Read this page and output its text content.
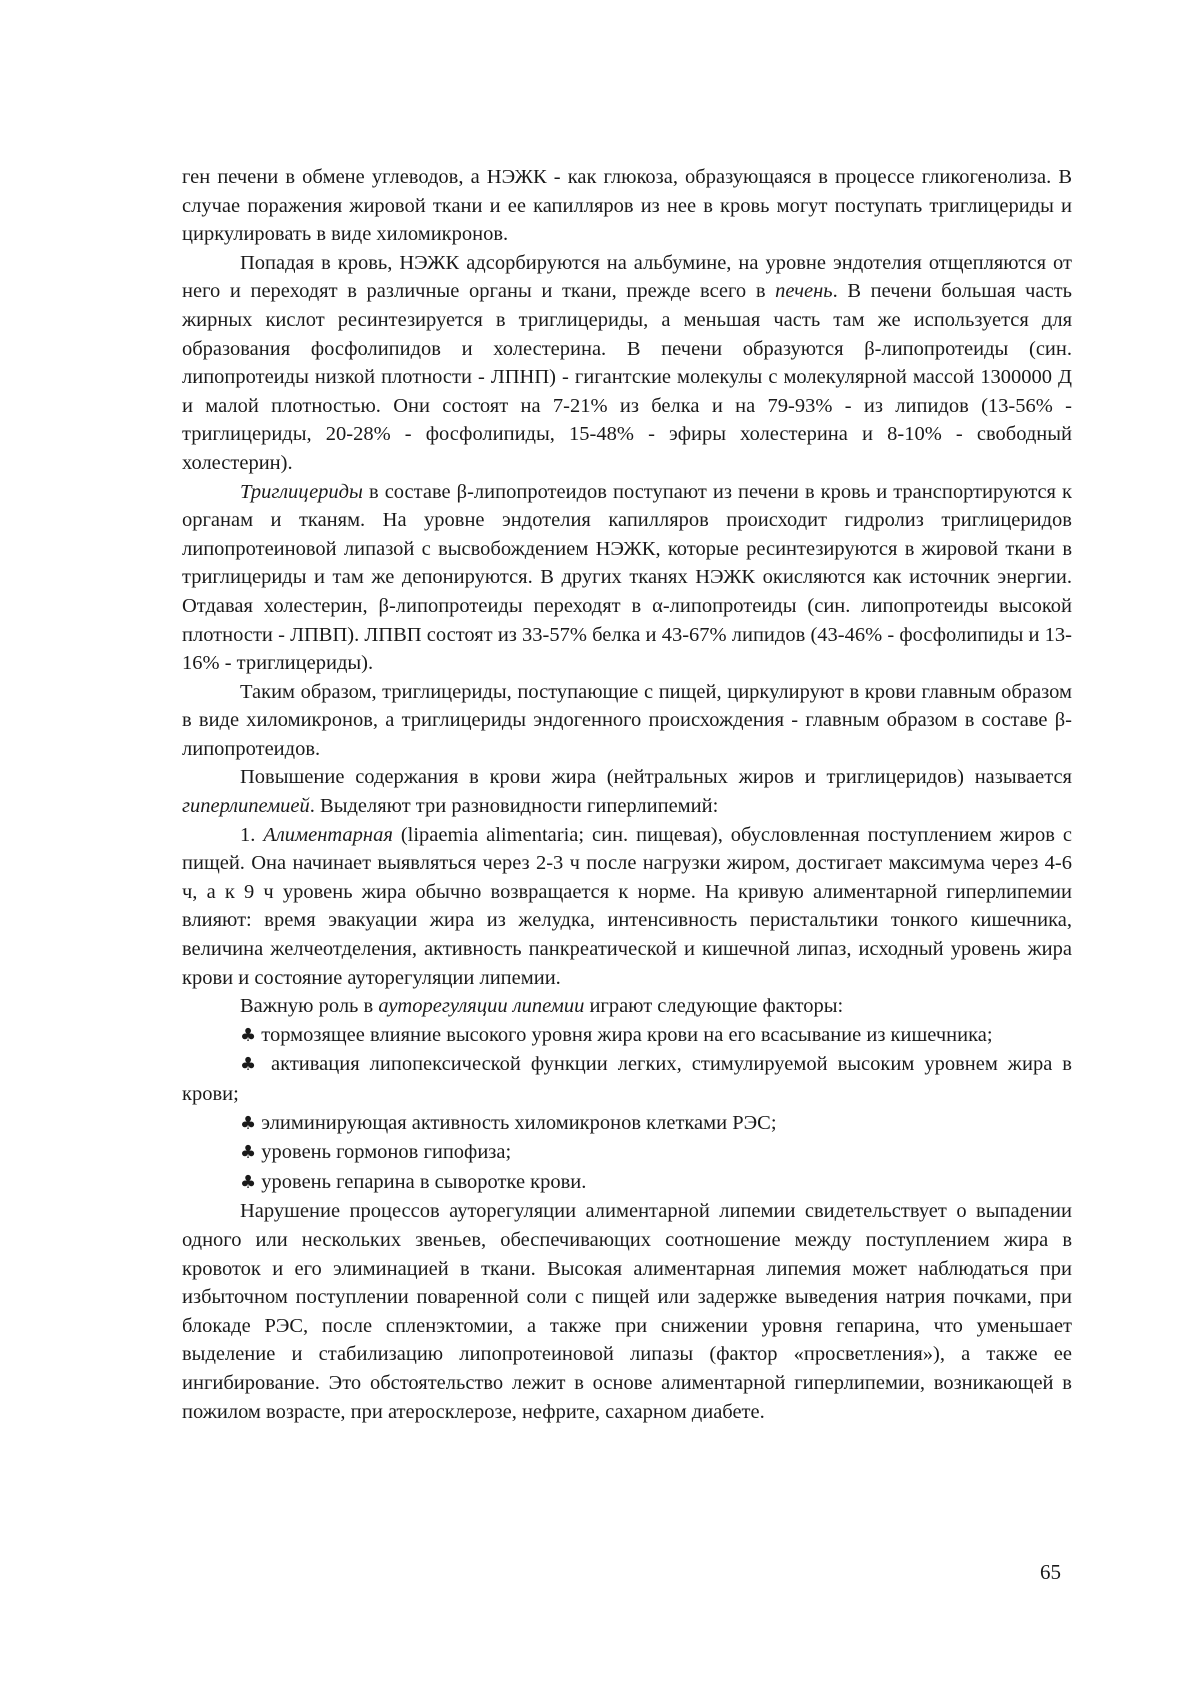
ген печени в обмене углеводов, а НЭЖК - как глюкоза, образующаяся в процессе гликогенолиза. В случае поражения жировой ткани и ее капилляров из нее в кровь могут поступать триглицериды и циркулировать в виде хиломикронов.

Попадая в кровь, НЭЖК адсорбируются на альбумине, на уровне эндотелия отщепляются от него и переходят в различные органы и ткани, прежде всего в печень. В печени большая часть жирных кислот ресинтезируется в триглицериды, а меньшая часть там же используется для образования фосфолипидов и холестерина. В печени образуются β-липопротеиды (син. липопротеиды низкой плотности - ЛПНП) - гигантские молекулы с молекулярной массой 1300000 Д и малой плотностью. Они состоят на 7-21% из белка и на 79-93% - из липидов (13-56% - триглицериды, 20-28% - фосфолипиды, 15-48% - эфиры холестерина и 8-10% - свободный холестерин).

Триглицериды в составе β-липопротеидов поступают из печени в кровь и транспортируются к органам и тканям. На уровне эндотелия капилляров происходит гидролиз триглицеридов липопротеиновой липазой с высвобождением НЭЖК, которые ресинтезируются в жировой ткани в триглицериды и там же депонируются. В других тканях НЭЖК окисляются как источник энергии. Отдавая холестерин, β-липопротеиды переходят в α-липопротеиды (син. липопротеиды высокой плотности - ЛПВП). ЛПВП состоят из 33-57% белка и 43-67% липидов (43-46% - фосфолипиды и 13-16% - триглицериды).

Таким образом, триглицериды, поступающие с пищей, циркулируют в крови главным образом в виде хиломикронов, а триглицериды эндогенного происхождения - главным образом в составе β-липопротеидов.

Повышение содержания в крови жира (нейтральных жиров и триглицеридов) называется гиперлипемией. Выделяют три разновидности гиперлипемий:

1. Алиментарная (lipaemia alimentaria; син. пищевая), обусловленная поступлением жиров с пищей. Она начинает выявляться через 2-3 ч после нагрузки жиром, достигает максимума через 4-6 ч, а к 9 ч уровень жира обычно возвращается к норме. На кривую алиментарной гиперлипемии влияют: время эвакуации жира из желудка, интенсивность перистальтики тонкого кишечника, величина желчеотделения, активность панкреатической и кишечной липаз, исходный уровень жира крови и состояние ауторегуляции липемии.

Важную роль в ауторегуляции липемии играют следующие факторы:

♣ тормозящее влияние высокого уровня жира крови на его всасывание из кишечника;

♣ активация липопексической функции легких, стимулируемой высоким уровнем жира в крови;

♣ элиминирующая активность хиломикронов клетками РЭС;

♣ уровень гормонов гипофиза;

♣ уровень гепарина в сыворотке крови.

Нарушение процессов ауторегуляции алиментарной липемии свидетельствует о выпадении одного или нескольких звеньев, обеспечивающих соотношение между поступлением жира в кровоток и его элиминацией в ткани. Высокая алиментарная липемия может наблюдаться при избыточном поступлении поваренной соли с пищей или задержке выведения натрия почками, при блокаде РЭС, после спленэктомии, а также при снижении уровня гепарина, что уменьшает выделение и стабилизацию липопротеиновой липазы (фактор «просветления»), а также ее ингибирование. Это обстоятельство лежит в основе алиментарной гиперлипемии, возникающей в пожилом возрасте, при атеросклерозе, нефрите, сахарном диабете.

65
